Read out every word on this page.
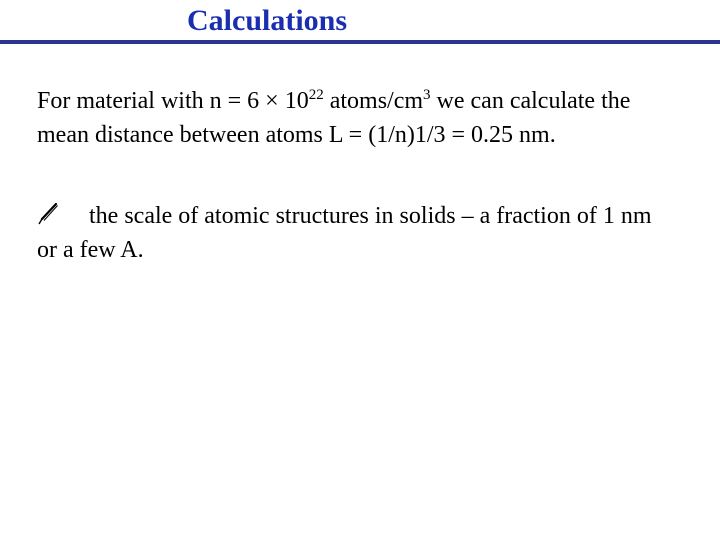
Calculations
For material with $n = 6 \times 10^{22}$ atoms/$cm^3$ we can calculate the mean distance between atoms L = (1/n)1/3 = 0.25 nm.
the scale of atomic structures in solids – a fraction of 1 nm or a few A.
